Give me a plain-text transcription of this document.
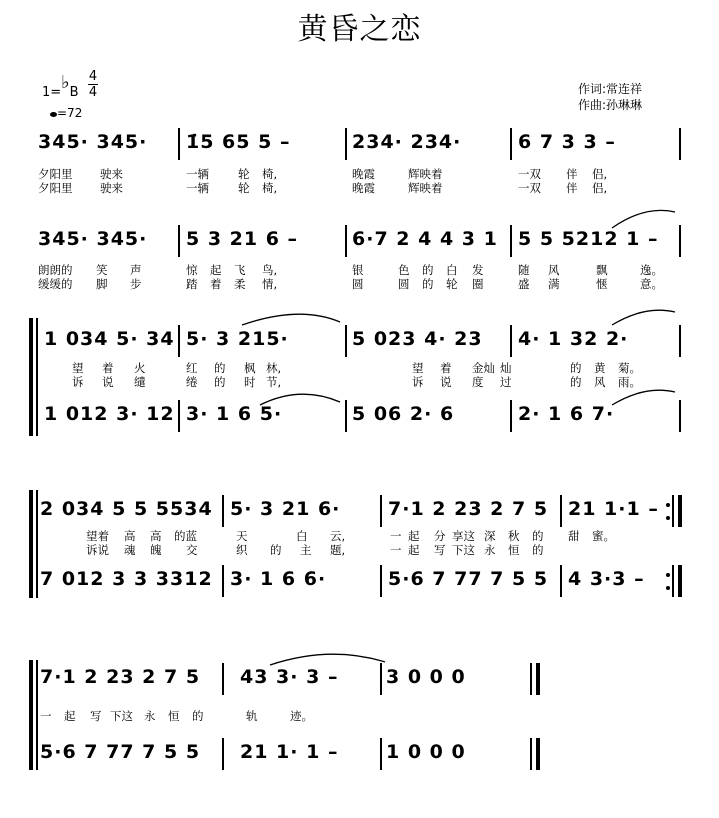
黄昏之恋
1=♭B
4
4
=72
作词:常连祥
作曲:孙琳琳
345· 345· 1̇5 65 5 –	234· 234·	6 7 3 3 –
夕阳里 驶来	一辆	轮 椅,	晚霞	辉映着	一双 伴 侣,
夕阳里 驶来	一辆	轮 椅,	晚霞	辉映着	一双 伴 侣,
345· 345· 5 3 21 6 –	6·7 2 4 4 3 1 5 5 5212 1 –
朗朗的 笑 声	惊 起 飞 鸟,	银	色 的 白 发	随 风	飘	逸。
缓缓的 脚 步	踏 着 柔 情,	圆	圆 的 轮 圈	盛 满	惬	意。
1 034 5· 34 5· 3 215·	5 023 4· 23 4· 1 32 2·
望 着 火	红 的 枫 林,	望 着 金灿 灿	的 黄 菊。
诉 说 缱	绻 的 时 节,	诉 说 度 过	的 风 雨。
1 012 3· 12 3· 1 6 5·	5 06 2· 6	2· 1 6 7·
2 034 5 5 5534 5· 3 21 6·	7·1 2 23 2 7 5 21 1·1 –
望着 高 高 的蓝	天	白 云,	一 起 分 享这 深 秋 的 甜 蜜。
诉说 魂 魄 交	织 的 主 题,	一 起 写 下这 永 恒 的
7 012 3 3 3312 3· 1 6 6·	5·6 7 77 7 5 5 4 3·3 –
7·1 2 23 2 7 5 43 3· 3 –	3 0 0 0
一 起 写 下这 永 恒 的	轨	迹。
5·6 7 77 7 5 5 21 1· 1 –	1 0 0 0
